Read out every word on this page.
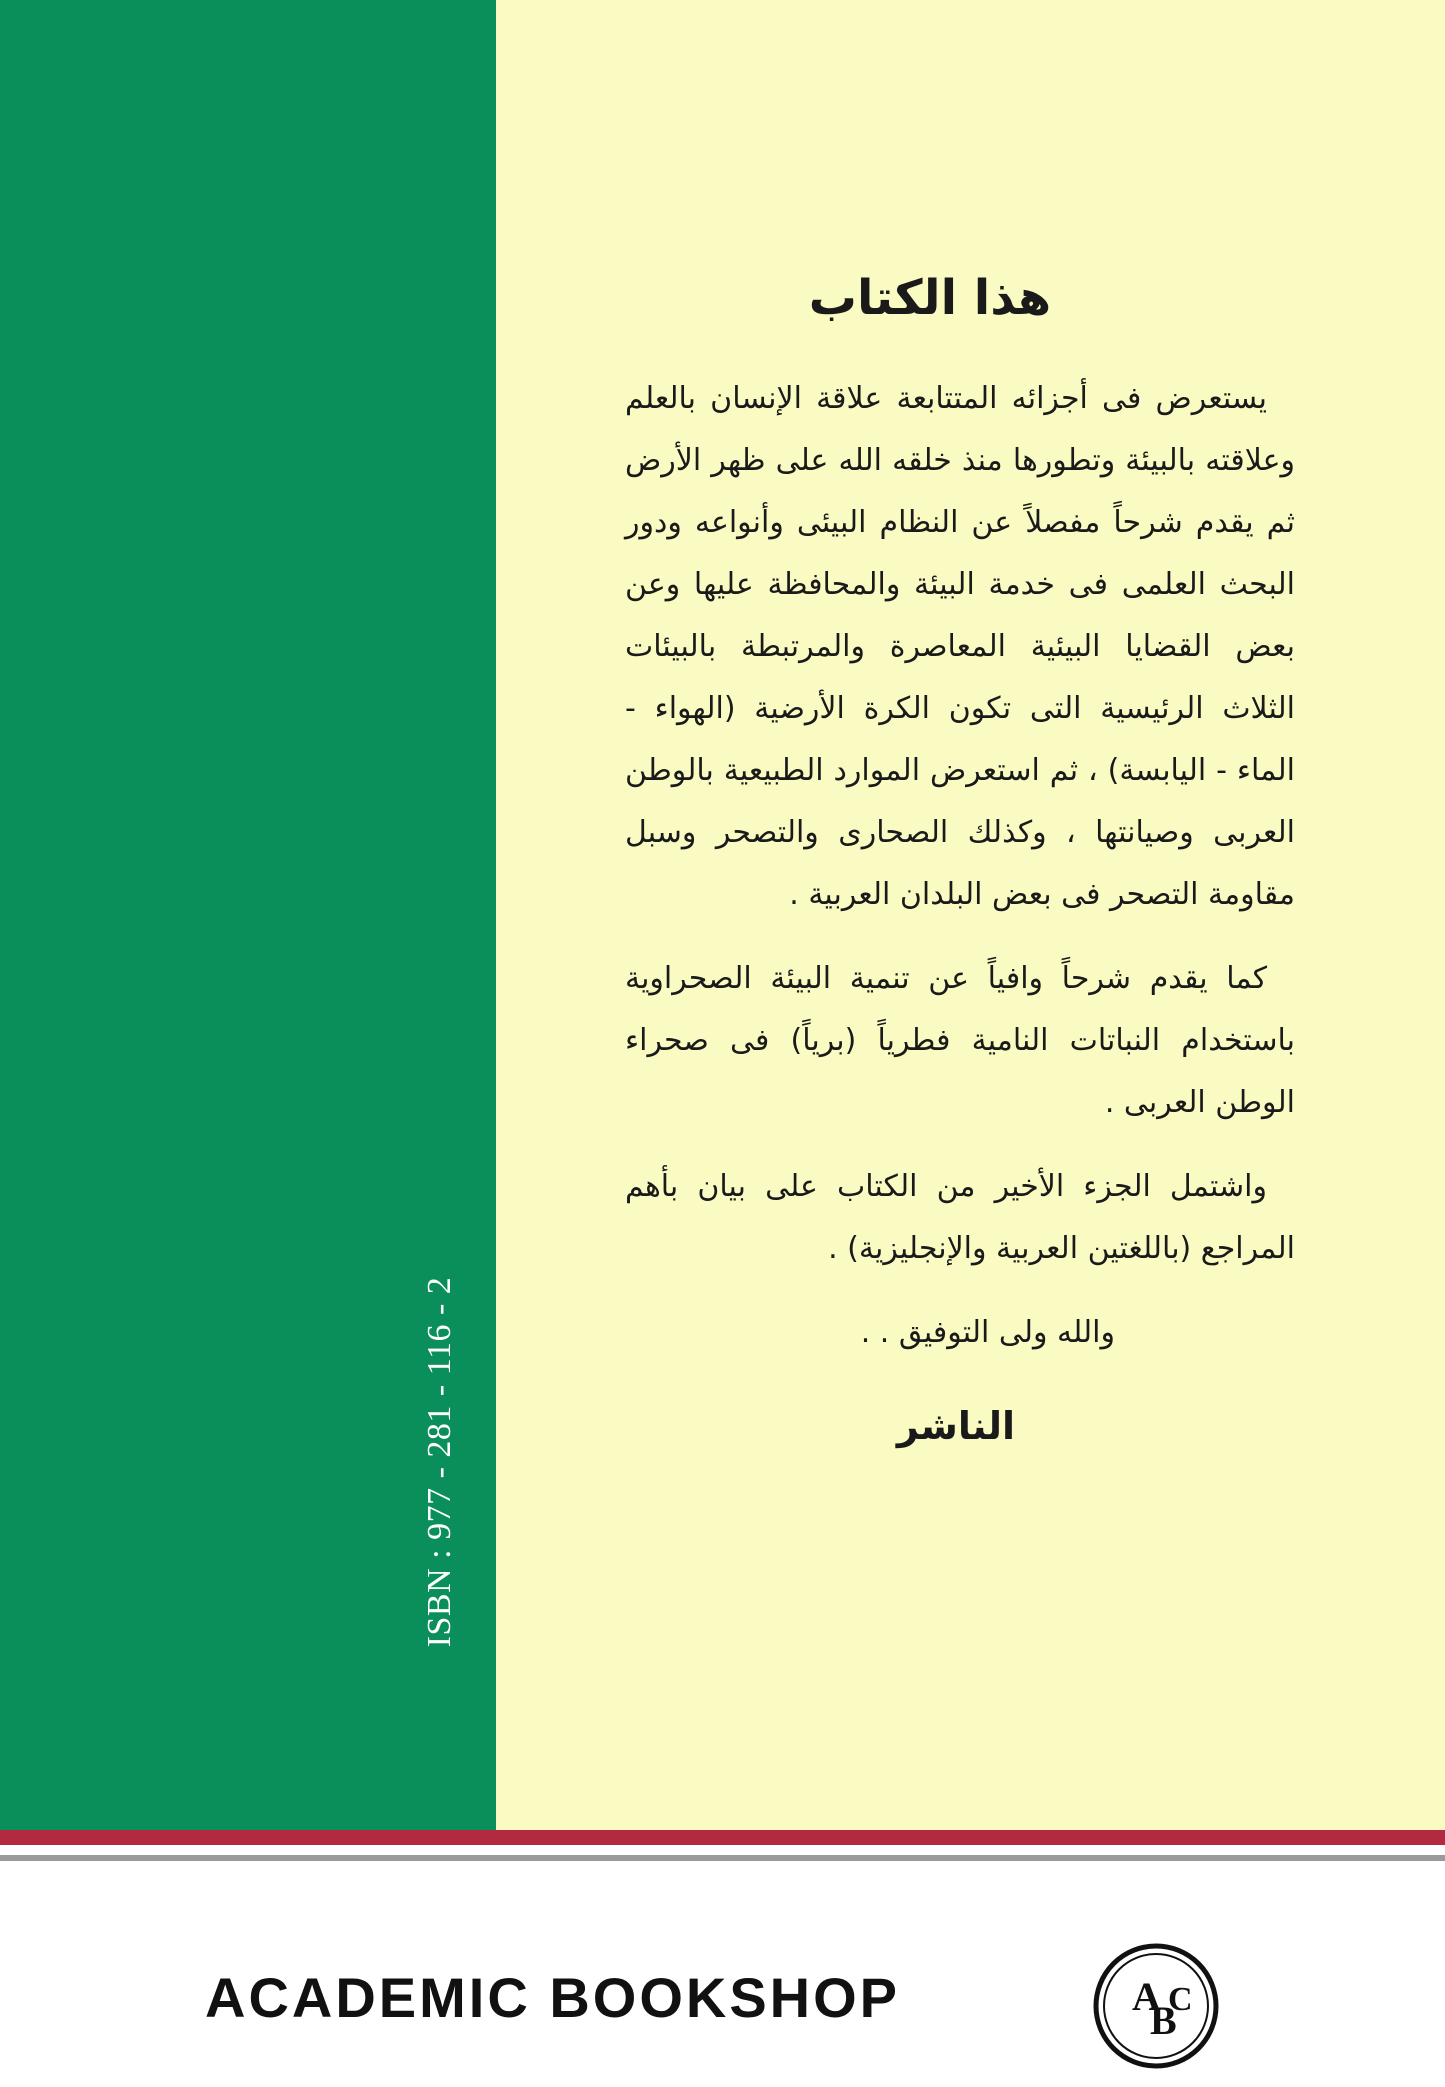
ISBN : 977 - 281 - 116 - 2
هذا الكتاب

يستعرض فى أجزائه المتتابعة علاقة الإنسان بالعلم وعلاقته بالبيئة وتطورها منذ خلقه الله على ظهر الأرض ثم يقدم شرحاً مفصلاً عن النظام البيئى وأنواعه ودور البحث العلمى فى خدمة البيئة والمحافظة عليها وعن بعض القضايا البيئية المعاصرة والمرتبطة بالبيئات الثلاث الرئيسية التى تكون الكرة الأرضية (الهواء - الماء - اليابسة) ، ثم استعرض الموارد الطبيعية بالوطن العربى وصيانتها ، وكذلك الصحارى والتصحر وسبل مقاومة التصحر فى بعض البلدان العربية .

كما يقدم شرحاً وافياً عن تنمية البيئة الصحراوية باستخدام النباتات النامية فطرياً (برياً) فى صحراء الوطن العربى .

واشتمل الجزء الأخير من الكتاب على بيان بأهم المراجع (باللغتين العربية والإنجليزية) .

والله ولى التوفيق . .

الناشر

ACADEMIC BOOKSHOP	A
B
C
